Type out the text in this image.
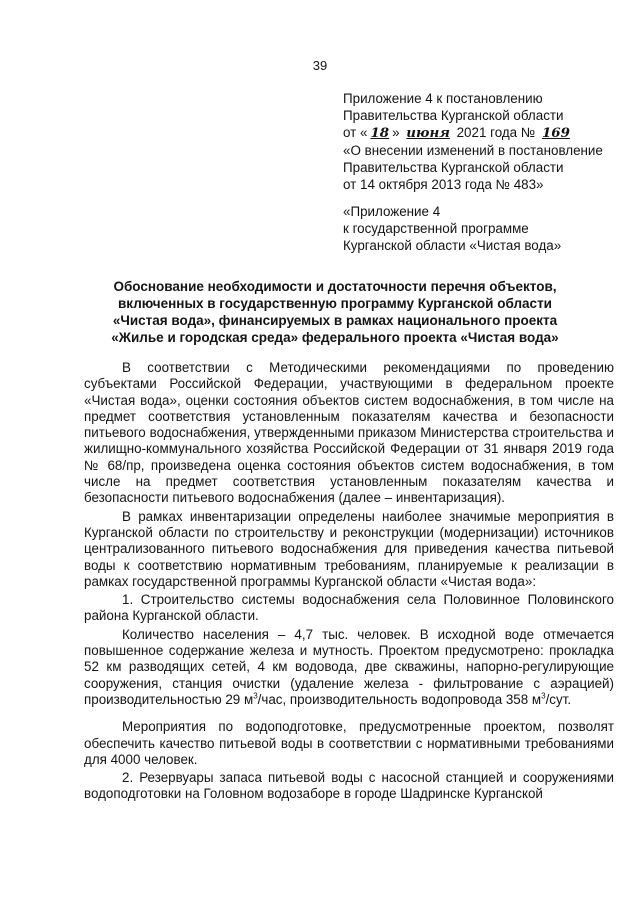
39
Приложение 4 к постановлению
Правительства Курганской области
от « 18 » июня 2021 года № 169
«О внесении изменений в постановление
Правительства Курганской области
от 14 октября 2013 года № 483»
«Приложение 4
к государственной программе
Курганской области «Чистая вода»
Обоснование необходимости и достаточности перечня объектов,
включенных в государственную программу Курганской области
«Чистая вода», финансируемых в рамках национального проекта
«Жилье и городская среда» федерального проекта «Чистая вода»

В соответствии с Методическими рекомендациями по проведению субъектами Российской Федерации, участвующими в федеральном проекте «Чистая вода», оценки состояния объектов систем водоснабжения, в том числе на предмет соответствия установленным показателям качества и безопасности питьевого водоснабжения, утвержденными приказом Министерства строительства и жилищно-коммунального хозяйства Российской Федерации от 31 января 2019 года № 68/пр, произведена оценка состояния объектов систем водоснабжения, в том числе на предмет соответствия установленным показателям качества и безопасности питьевого водоснабжения (далее – инвентаризация).

В рамках инвентаризации определены наиболее значимые мероприятия в Курганской области по строительству и реконструкции (модернизации) источников централизованного питьевого водоснабжения для приведения качества питьевой воды к соответствию нормативным требованиям, планируемые к реализации в рамках государственной программы Курганской области «Чистая вода»:

1. Строительство системы водоснабжения села Половинное Половинского района Курганской области.

Количество населения – 4,7 тыс. человек. В исходной воде отмечается повышенное содержание железа и мутность. Проектом предусмотрено: прокладка 52 км разводящих сетей, 4 км водовода, две скважины, напорно-регулирующие сооружения, станция очистки (удаление железа - фильтрование с аэрацией) производительностью 29 $м^3$/час, производительность водопровода 358 $м^3$/сут.

Мероприятия по водоподготовке, предусмотренные проектом, позволят обеспечить качество питьевой воды в соответствии с нормативными требованиями для 4000 человек.

2. Резервуары запаса питьевой воды с насосной станцией и сооружениями водоподготовки на Головном водозаборе в городе Шадринске Курганской
